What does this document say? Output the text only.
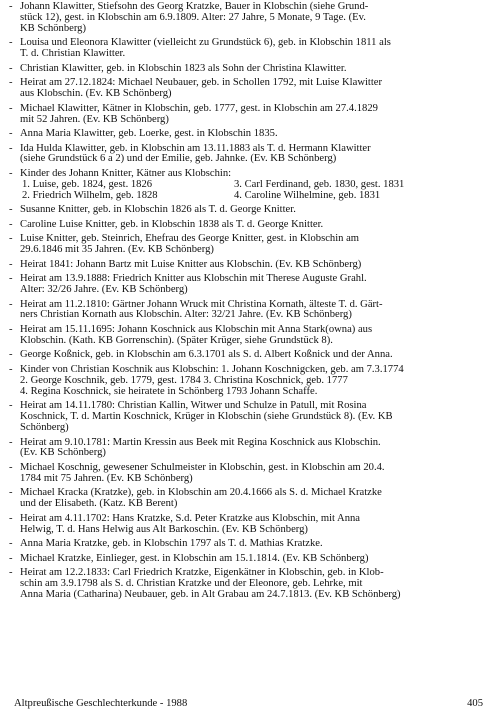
- Johann Klawitter, Stiefsohn des Georg Kratzke, Bauer in Klobschin (siehe Grund-
stück 12), gest. in Klobschin am 6.9.1809. Alter: 27 Jahre, 5 Monate, 9 Tage. (Ev.
KB Schönberg)
- Louisa und Eleonora Klawitter (vielleicht zu Grundstück 6), geb. in Klobschin 1811 als
T. d. Christian Klawitter.
- Christian Klawitter, geb. in Klobschin 1823 als Sohn der Christina Klawitter.
- Heirat am 27.12.1824: Michael Neubauer, geb. in Schollen 1792, mit Luise Klawitter
aus Klobschin. (Ev. KB Schönberg)
- Michael Klawitter, Kätner in Klobschin, geb. 1777, gest. in Klobschin am 27.4.1829
mit 52 Jahren. (Ev. KB Schönberg)
- Anna Maria Klawitter, geb. Loerke, gest. in Klobschin 1835.
- Ida Hulda Klawitter, geb. in Klobschin am 13.11.1883 als T. d. Hermann Klawitter
(siehe Grundstück 6 a 2) und der Emilie, geb. Jahnke. (Ev. KB Schönberg)
- Kinder des Johann Knitter, Kätner aus Klobschin:
1. Luise, geb. 1824, gest. 1826	3. Carl Ferdinand, geb. 1830, gest. 1831
2. Friedrich Wilhelm, geb. 1828	4. Caroline Wilhelmine, geb. 1831
- Susanne Knitter, geb. in Klobschin 1826 als T. d. George Knitter.
- Caroline Luise Knitter, geb. in Klobschin 1838 als T. d. George Knitter.
- Luise Knitter, geb. Steinrich, Ehefrau des George Knitter, gest. in Klobschin am
29.6.1846 mit 35 Jahren. (Ev. KB Schönberg)
- Heirat 1841: Johann Bartz mit Luise Knitter aus Klobschin. (Ev. KB Schönberg)
- Heirat am 13.9.1888: Friedrich Knitter aus Klobschin mit Therese Auguste Grahl.
Alter: 32/26 Jahre. (Ev. KB Schönberg)
- Heirat am 11.2.1810: Gärtner Johann Wruck mit Christina Kornath, älteste T. d. Gärt-
ners Christian Kornath aus Klobschin. Alter: 32/21 Jahre. (Ev. KB Schönberg)
- Heirat am 15.11.1695: Johann Koschnick aus Klobschin mit Anna Stark(owna) aus
Klobschin. (Kath. KB Gorrenschin). (Später Krüger, siehe Grundstück 8).
- George Koßnick, geb. in Klobschin am 6.3.1701 als S. d. Albert Koßnick und der Anna.
- Kinder von Christian Koschnik aus Klobschin: 1. Johann Koschnigcken, geb. am 7.3.1774
2. George Koschnik, geb. 1779, gest. 1784 3. Christina Koschnick, geb. 1777
4. Regina Koschnick, sie heiratete in Schönberg 1793 Johann Schaffe.
- Heirat am 14.11.1780: Christian Kallin, Witwer und Schulze in Patull, mit Rosina
Koschnick, T. d. Martin Koschnick, Krüger in Klobschin (siehe Grundstück 8). (Ev. KB
Schönberg)
- Heirat am 9.10.1781: Martin Kressin aus Beek mit Regina Koschnick aus Klobschin.
(Ev. KB Schönberg)
- Michael Koschnig, gewesener Schulmeister in Klobschin, gest. in Klobschin am 20.4.
1784 mit 75 Jahren. (Ev. KB Schönberg)
- Michael Kracka (Kratzke), geb. in Klobschin am 20.4.1666 als S. d. Michael Kratzke
und der Elisabeth. (Katz. KB Berent)
- Heirat am 4.11.1702: Hans Kratzke, S.d. Peter Kratzke aus Klobschin, mit Anna
Helwig, T. d. Hans Helwig aus Alt Barkoschin. (Ev. KB Schönberg)
- Anna Maria Kratzke, geb. in Klobschin 1797 als T. d. Mathias Kratzke.
- Michael Kratzke, Einlieger, gest. in Klobschin am 15.1.1814. (Ev. KB Schönberg)
- Heirat am 12.2.1833: Carl Friedrich Kratzke, Eigenkätner in Klobschin, geb. in Klob-
schin am 3.9.1798 als S. d. Christian Kratzke und der Eleonore, geb. Lehrke, mit
Anna Maria (Catharina) Neubauer, geb. in Alt Grabau am 24.7.1813. (Ev. KB Schönberg)
Altpreußische Geschlechterkunde - 1988	405
